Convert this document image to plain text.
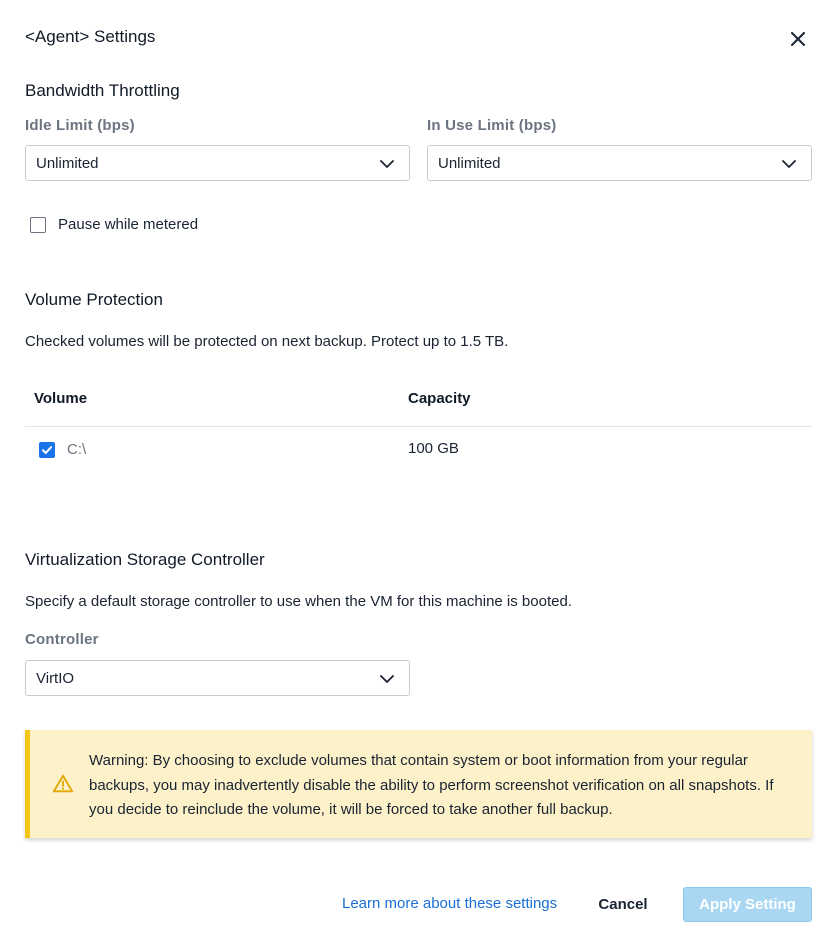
<Agent> Settings
Bandwidth Throttling
Idle Limit (bps)
Unlimited
In Use Limit (bps)
Unlimited
Pause while metered
Volume Protection
Checked volumes will be protected on next backup. Protect up to 1.5 TB.
Volume	Capacity
C:\	100 GB
Virtualization Storage Controller
Specify a default storage controller to use when the VM for this machine is booted.
Controller
VirtIO
Warning: By choosing to exclude volumes that contain system or boot information from your regular backups, you may inadvertently disable the ability to perform screenshot verification on all snapshots. If you decide to reinclude the volume, it will be forced to take another full backup.
Learn more about these settings	Cancel	Apply Setting
